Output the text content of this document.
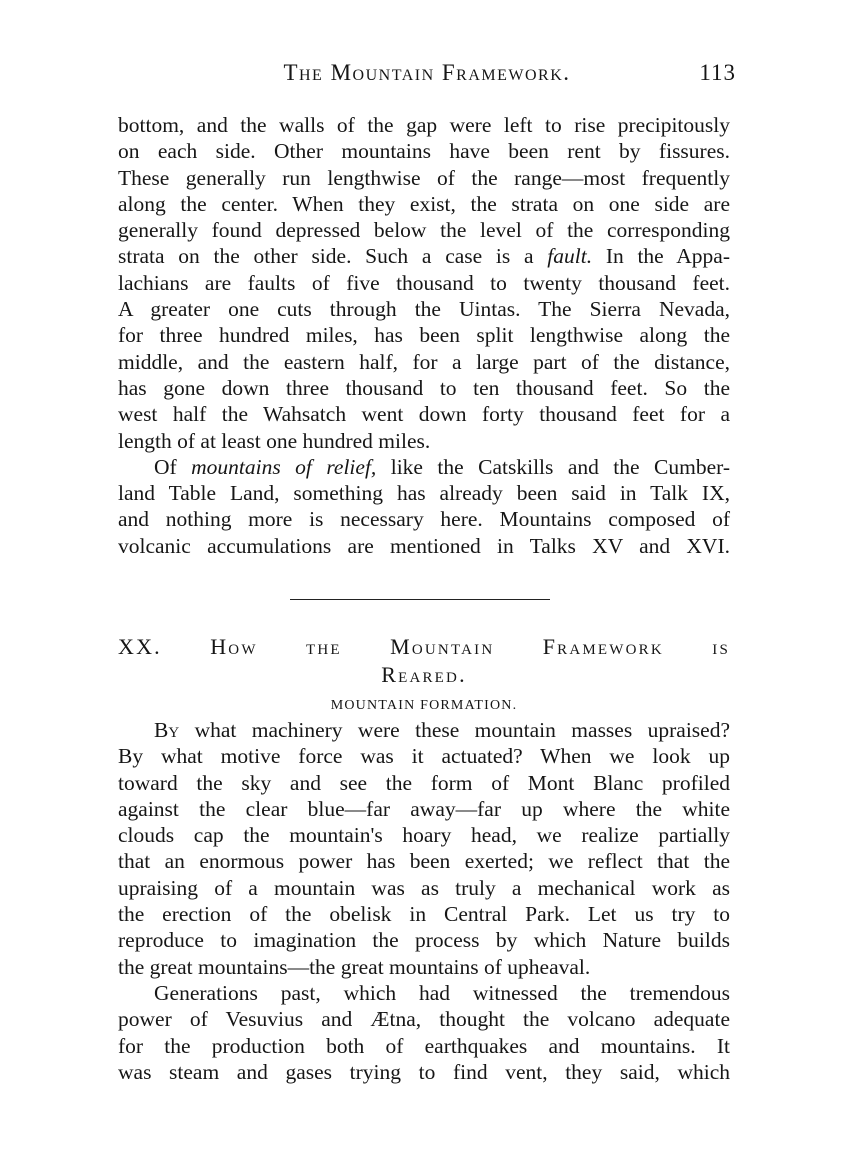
The Mountain Framework.	113
bottom, and the walls of the gap were left to rise precipitously
on each side. Other mountains have been rent by fissures.
These generally run lengthwise of the range—most frequently
along the center. When they exist, the strata on one side are
generally found depressed below the level of the corresponding
strata on the other side. Such a case is a fault. In the Appa-
lachians are faults of five thousand to twenty thousand feet.
A greater one cuts through the Uintas. The Sierra Nevada,
for three hundred miles, has been split lengthwise along the
middle, and the eastern half, for a large part of the distance,
has gone down three thousand to ten thousand feet. So the
west half the Wahsatch went down forty thousand feet for a
length of at least one hundred miles.
Of mountains of relief, like the Catskills and the Cumber-
land Table Land, something has already been said in Talk IX,
and nothing more is necessary here. Mountains composed of
volcanic accumulations are mentioned in Talks XV and XVI.
XX. How the Mountain Framework is
Reared.
MOUNTAIN FORMATION.
By what machinery were these mountain masses upraised?
By what motive force was it actuated? When we look up
toward the sky and see the form of Mont Blanc profiled
against the clear blue—far away—far up where the white
clouds cap the mountain's hoary head, we realize partially
that an enormous power has been exerted; we reflect that the
upraising of a mountain was as truly a mechanical work as
the erection of the obelisk in Central Park. Let us try to
reproduce to imagination the process by which Nature builds
the great mountains—the great mountains of upheaval.
Generations past, which had witnessed the tremendous
power of Vesuvius and Ætna, thought the volcano adequate
for the production both of earthquakes and mountains. It
was steam and gases trying to find vent, they said, which
